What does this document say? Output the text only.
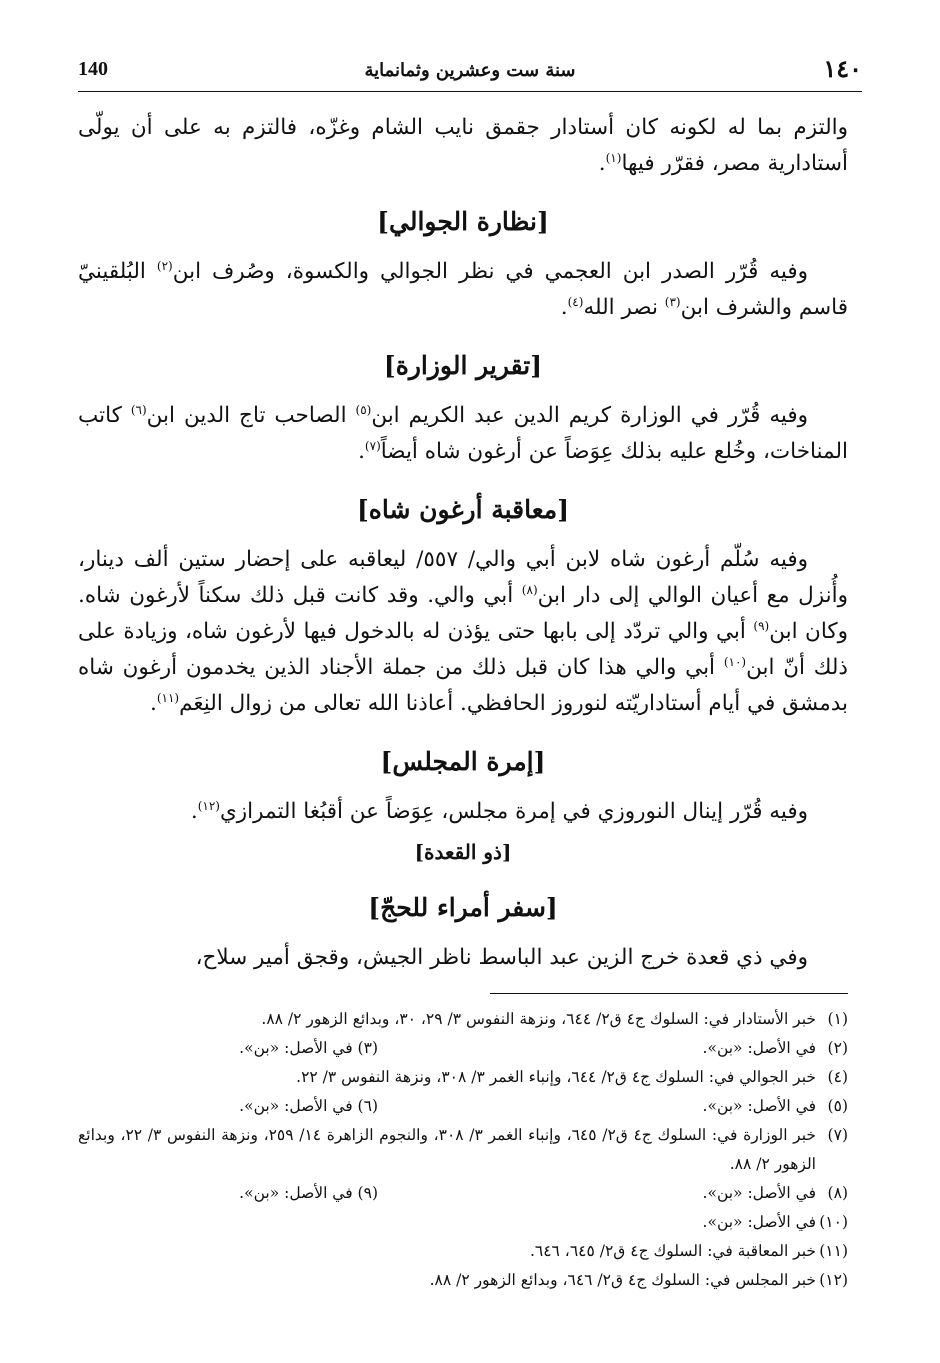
١٤٠
سنة ست وعشرين وثمانماية
140

والتزم بما له لكونه كان أستادار جقمق نايب الشام وغزّه، فالتزم به على أن يولّى أستادارية مصر، فقرّر فيها$^{(١)}$.

[نظارة الجوالي]

وفيه قُرّر الصدر ابن العجمي في نظر الجوالي والكسوة، وصُرف ابن$^{(٢)}$ البُلقينيّ قاسم والشرف ابن$^{(٣)}$ نصر الله$^{(٤)}$.

[تقرير الوزارة]

وفيه قُرّر في الوزارة كريم الدين عبد الكريم ابن$^{(٥)}$ الصاحب تاج الدين ابن$^{(٦)}$ كاتب المناخات، وخُلع عليه بذلك عِوَضاً عن أرغون شاه أيضاً$^{(٧)}$.

[معاقبة أرغون شاه]

وفيه سُلّم أرغون شاه لابن أبي والي/ ٥٥٧/ ليعاقبه على إحضار ستين ألف دينار، وأُنزل مع أعيان الوالي إلى دار ابن$^{(٨)}$ أبي والي. وقد كانت قبل ذلك سكناً لأرغون شاه. وكان ابن$^{(٩)}$ أبي والي تردّد إلى بابها حتى يؤذن له بالدخول فيها لأرغون شاه، وزيادة على ذلك أنّ ابن$^{(١٠)}$ أبي والي هذا كان قبل ذلك من جملة الأجناد الذين يخدمون أرغون شاه بدمشق في أيام أستاداريّته لنوروز الحافظي. أعاذنا الله تعالى من زوال النِعَم$^{(١١)}$.

[إمرة المجلس]

وفيه قُرّر إينال النوروزي في إمرة مجلس، عِوَضاً عن أقبُغا التمرازي$^{(١٢)}$.

[ذو القعدة]
[سفر أمراء للحجّ]

وفي ذي قعدة خرج الزين عبد الباسط ناظر الجيش، وقجق أمير سلاح،

(١)خبر الأستادار في: السلوك ج٤ ق٢/ ٦٤٤، ونزهة النفوس ٣/ ٢٩، ٣٠، وبدائع الزهور ٢/ ٨٨.
(٢)في الأصل: «بن».
(٣) في الأصل: «بن».
(٤)خبر الجوالي في: السلوك ج٤ ق٢/ ٦٤٤، وإنباء الغمر ٣/ ٣٠٨، ونزهة النفوس ٣/ ٢٢.
(٥)في الأصل: «بن».
(٦) في الأصل: «بن».
(٧)
خبر الوزارة في: السلوك ج٤ ق٢/ ٦٤٥، وإنباء الغمر ٣/ ٣٠٨، والنجوم الزاهرة ١٤/ ٢٥٩، ونزهة النفوس ٣/ ٢٢، وبدائع الزهور ٢/ ٨٨.
(٨)في الأصل: «بن».
(٩) في الأصل: «بن».
(١٠)في الأصل: «بن».
(١١)خبر المعاقبة في: السلوك ج٤ ق٢/ ٦٤٥، ٦٤٦.
(١٢)خبر المجلس في: السلوك ج٤ ق٢/ ٦٤٦، وبدائع الزهور ٢/ ٨٨.
